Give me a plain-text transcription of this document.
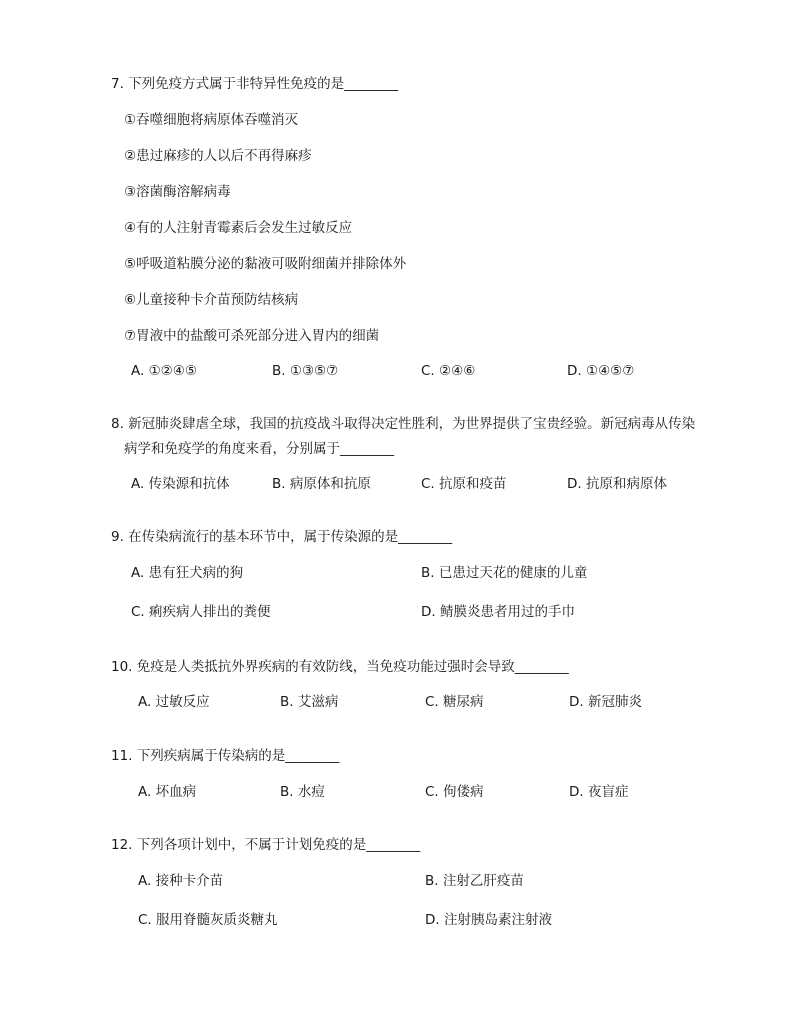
7. 下列免疫方式属于非特异性免疫的是________
①吞噬细胞将病原体吞噬消灭
②患过麻疹的人以后不再得麻疹
③溶菌酶溶解病毒
④有的人注射青霉素后会发生过敏反应
⑤呼吸道粘膜分泌的黏液可吸附细菌并排除体外
⑥儿童接种卡介苗预防结核病
⑦胃液中的盐酸可杀死部分进入胃内的细菌
A. ①②④⑤	B. ①③⑤⑦	C. ②④⑥	D. ①④⑤⑦
8. 新冠肺炎肆虐全球，我国的抗疫战斗取得决定性胜利，为世界提供了宝贵经验。新冠病毒从传染
病学和免疫学的角度来看，分别属于________
A. 传染源和抗体	B. 病原体和抗原	C. 抗原和疫苗	D. 抗原和病原体
9. 在传染病流行的基本环节中，属于传染源的是________
A. 患有狂犬病的狗	B. 已患过天花的健康的儿童
C. 痢疾病人排出的粪便	D. 鲭膜炎患者用过的手巾
10. 免疫是人类抵抗外界疾病的有效防线，当免疫功能过强时会导致________
A. 过敏反应	B. 艾滋病	C. 糖尿病	D. 新冠肺炎
11. 下列疾病属于传染病的是________
A. 坏血病	B. 水痘	C. 佝偻病	D. 夜盲症
12. 下列各项计划中，不属于计划免疫的是________
A. 接种卡介苗	B. 注射乙肝疫苗
C. 服用脊髓灰质炎糖丸	D. 注射胰岛素注射液
